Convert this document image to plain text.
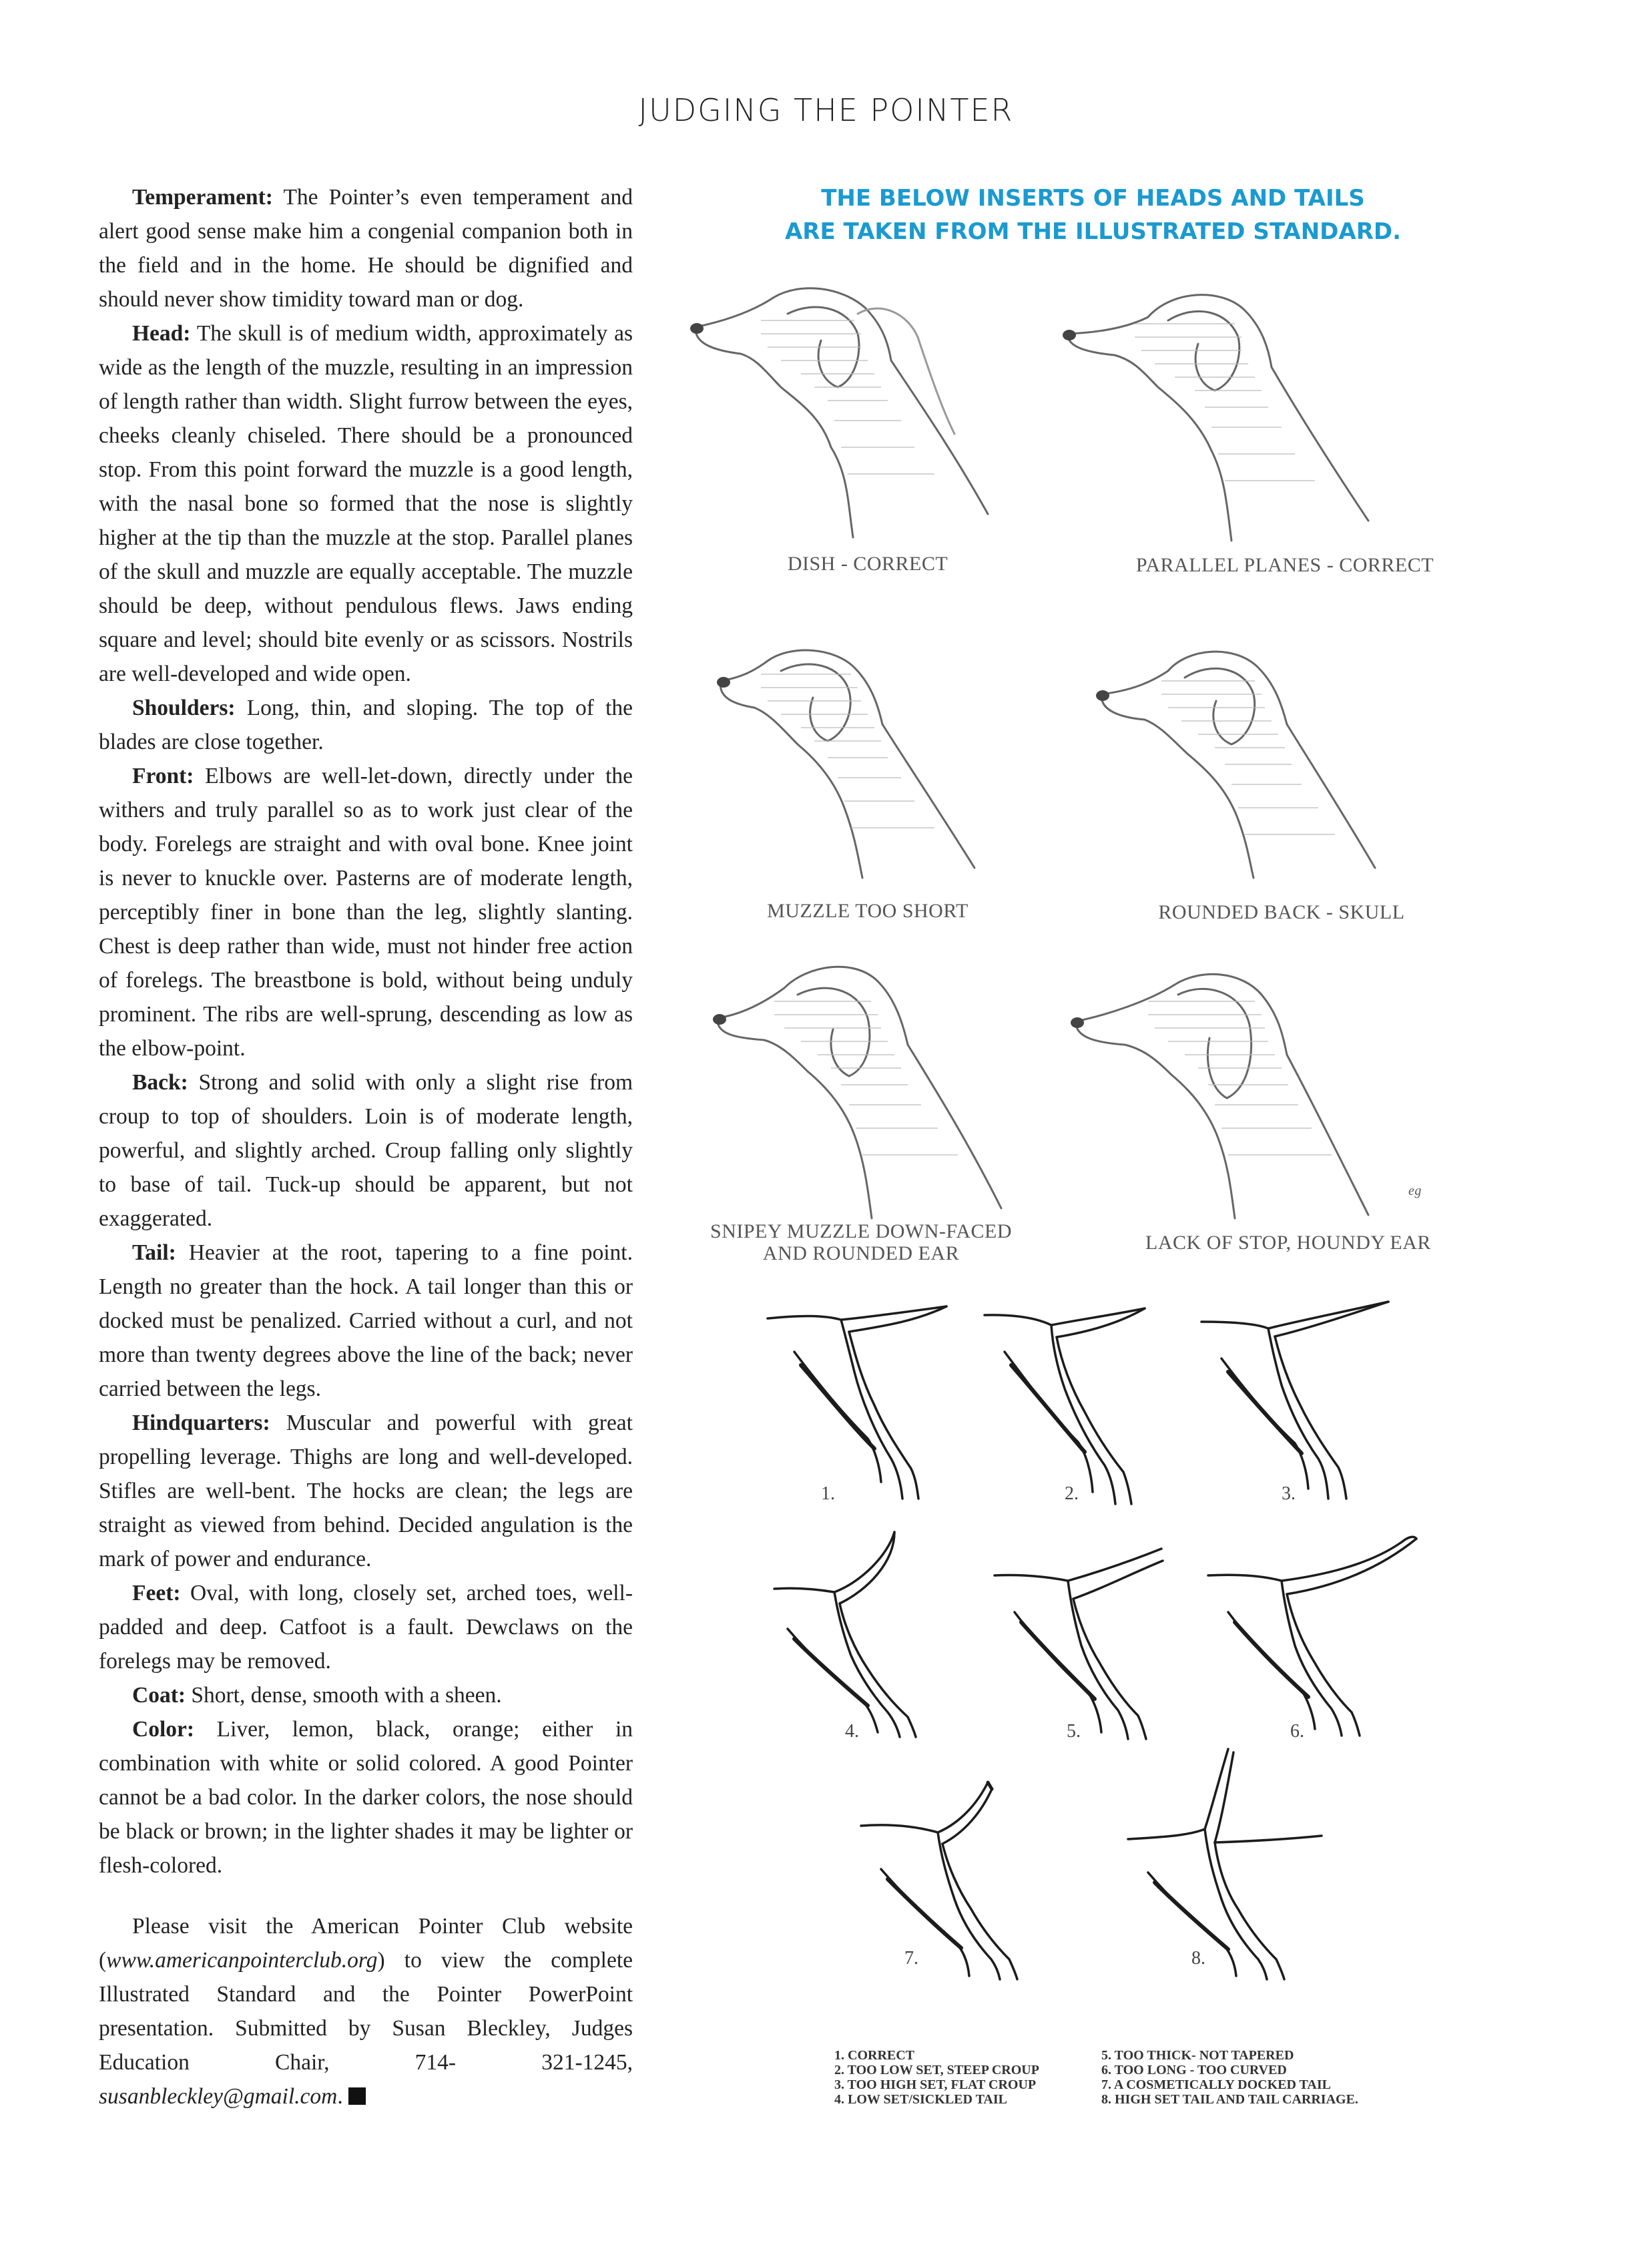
JUDGING THE POINTER

Temperament: The Pointer’s even temperament and alert good sense make him a congenial companion both in the field and in the home. He should be dignified and should never show timidity toward man or dog.

Head: The skull is of medium width, approximately as wide as the length of the muzzle, resulting in an impression of length rather than width. Slight furrow between the eyes, cheeks cleanly chiseled. There should be a pronounced stop. From this point forward the muzzle is a good length, with the nasal bone so formed that the nose is slightly higher at the tip than the muzzle at the stop. Parallel planes of the skull and muzzle are equally acceptable. The muzzle should be deep, without pendulous flews. Jaws ending square and level; should bite evenly or as scissors. Nostrils are well-developed and wide open.

Shoulders: Long, thin, and sloping. The top of the blades are close together.

Front: Elbows are well-let-down, directly under the withers and truly parallel so as to work just clear of the body. Forelegs are straight and with oval bone. Knee joint is never to knuckle over. Pasterns are of moderate length, perceptibly finer in bone than the leg, slightly slanting. Chest is deep rather than wide, must not hinder free action of forelegs. The breastbone is bold, without being unduly prominent. The ribs are well-sprung, descending as low as the elbow-point.

Back: Strong and solid with only a slight rise from croup to top of shoulders. Loin is of moderate length, powerful, and slightly arched. Croup falling only slightly to base of tail. Tuck-up should be apparent, but not exaggerated.

Tail: Heavier at the root, tapering to a fine point. Length no greater than the hock. A tail longer than this or docked must be penalized. Carried without a curl, and not more than twenty degrees above the line of the back; never carried between the legs.

Hindquarters: Muscular and powerful with great propelling leverage. Thighs are long and well-developed. Stifles are well-bent. The hocks are clean; the legs are straight as viewed from behind. Decided angulation is the mark of power and endurance.

Feet: Oval, with long, closely set, arched toes, well-padded and deep. Catfoot is a fault. Dewclaws on the forelegs may be removed.

Coat: Short, dense, smooth with a sheen.

Color: Liver, lemon, black, orange; either in combination with white or solid colored. A good Pointer cannot be a bad color. In the darker colors, the nose should be black or brown; in the lighter shades it may be lighter or flesh-colored.

Please visit the American Pointer Club website (www.americanpointerclub.org) to view the complete Illustrated Standard and the Pointer PowerPoint presentation. Submitted by Susan Bleckley, Judges Education Chair, 714- 321-1245, susanbleckley@gmail.com.

THE BELOW INSERTS OF HEADS AND TAILS
ARE TAKEN FROM THE ILLUSTRATED STANDARD.
DISH - CORRECT	PARALLEL PLANES - CORRECT
MUZZLE TOO SHORT	ROUNDED BACK - SKULL
SNIPEY MUZZLE DOWN-FACED
AND ROUNDED EAR	LACK OF STOP, HOUNDY EAR
eg
1.	2.	3.
4.	5.	6.
7.	8.
1. CORRECT
2. TOO LOW SET, STEEP CROUP
3. TOO HIGH SET, FLAT CROUP
4. LOW SET/SICKLED TAIL
5. TOO THICK- NOT TAPERED
6. TOO LONG - TOO CURVED
7. A COSMETICALLY DOCKED TAIL
8. HIGH SET TAIL AND TAIL CARRIAGE.
